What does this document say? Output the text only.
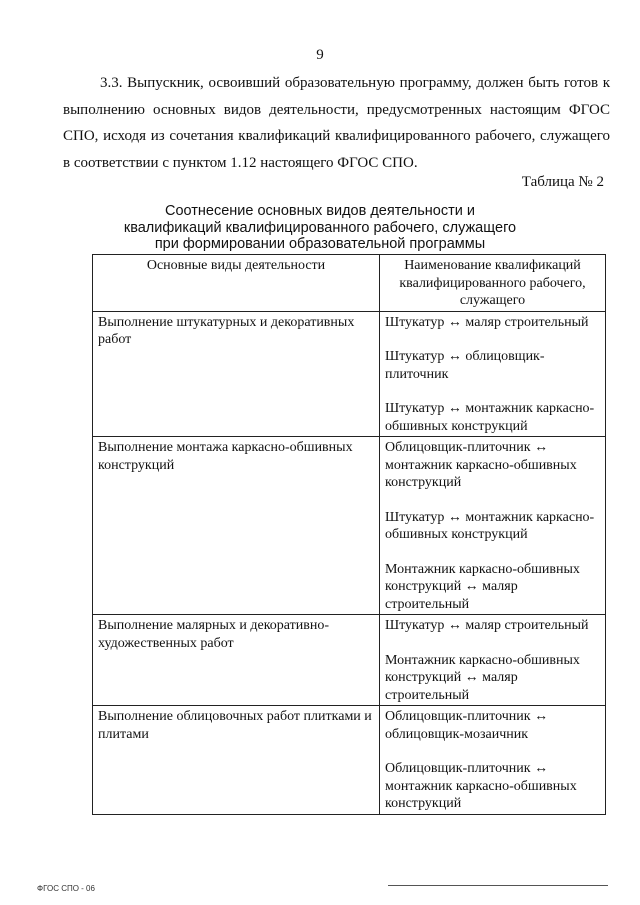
9

3.3. Выпускник, освоивший образовательную программу, должен быть готов к выполнению основных видов деятельности, предусмотренных настоящим ФГОС СПО, исходя из сочетания квалификаций квалифицированного рабочего, служащего в соответствии с пунктом 1.12 настоящего ФГОС СПО.

Таблица № 2
Соотнесение основных видов деятельности и квалификаций квалифицированного рабочего, служащего при формировании образовательной программы
Основные виды деятельности	Наименование квалификаций квалифицированного рабочего, служащего
Выполнение штукатурных и декоративных работ	Штукатур ↔ маляр строительный
Штукатур ↔ облицовщик-плиточник
Штукатур ↔ монтажник каркасно-обшивных конструкций

Выполнение монтажа каркасно-обшивных конструкций	Облицовщик-плиточник ↔ монтажник каркасно-обшивных конструкций
Штукатур ↔ монтажник каркасно-обшивных конструкций
Монтажник каркасно-обшивных конструкций ↔ маляр строительный

Выполнение малярных и декоративно-художественных работ	Штукатур ↔ маляр строительный
Монтажник каркасно-обшивных конструкций ↔ маляр строительный

Выполнение облицовочных работ плитками и плитами	Облицовщик-плиточник ↔ облицовщик-мозаичник
Облицовщик-плиточник ↔ монтажник каркасно-обшивных конструкций
ФГОС СПО - 06
